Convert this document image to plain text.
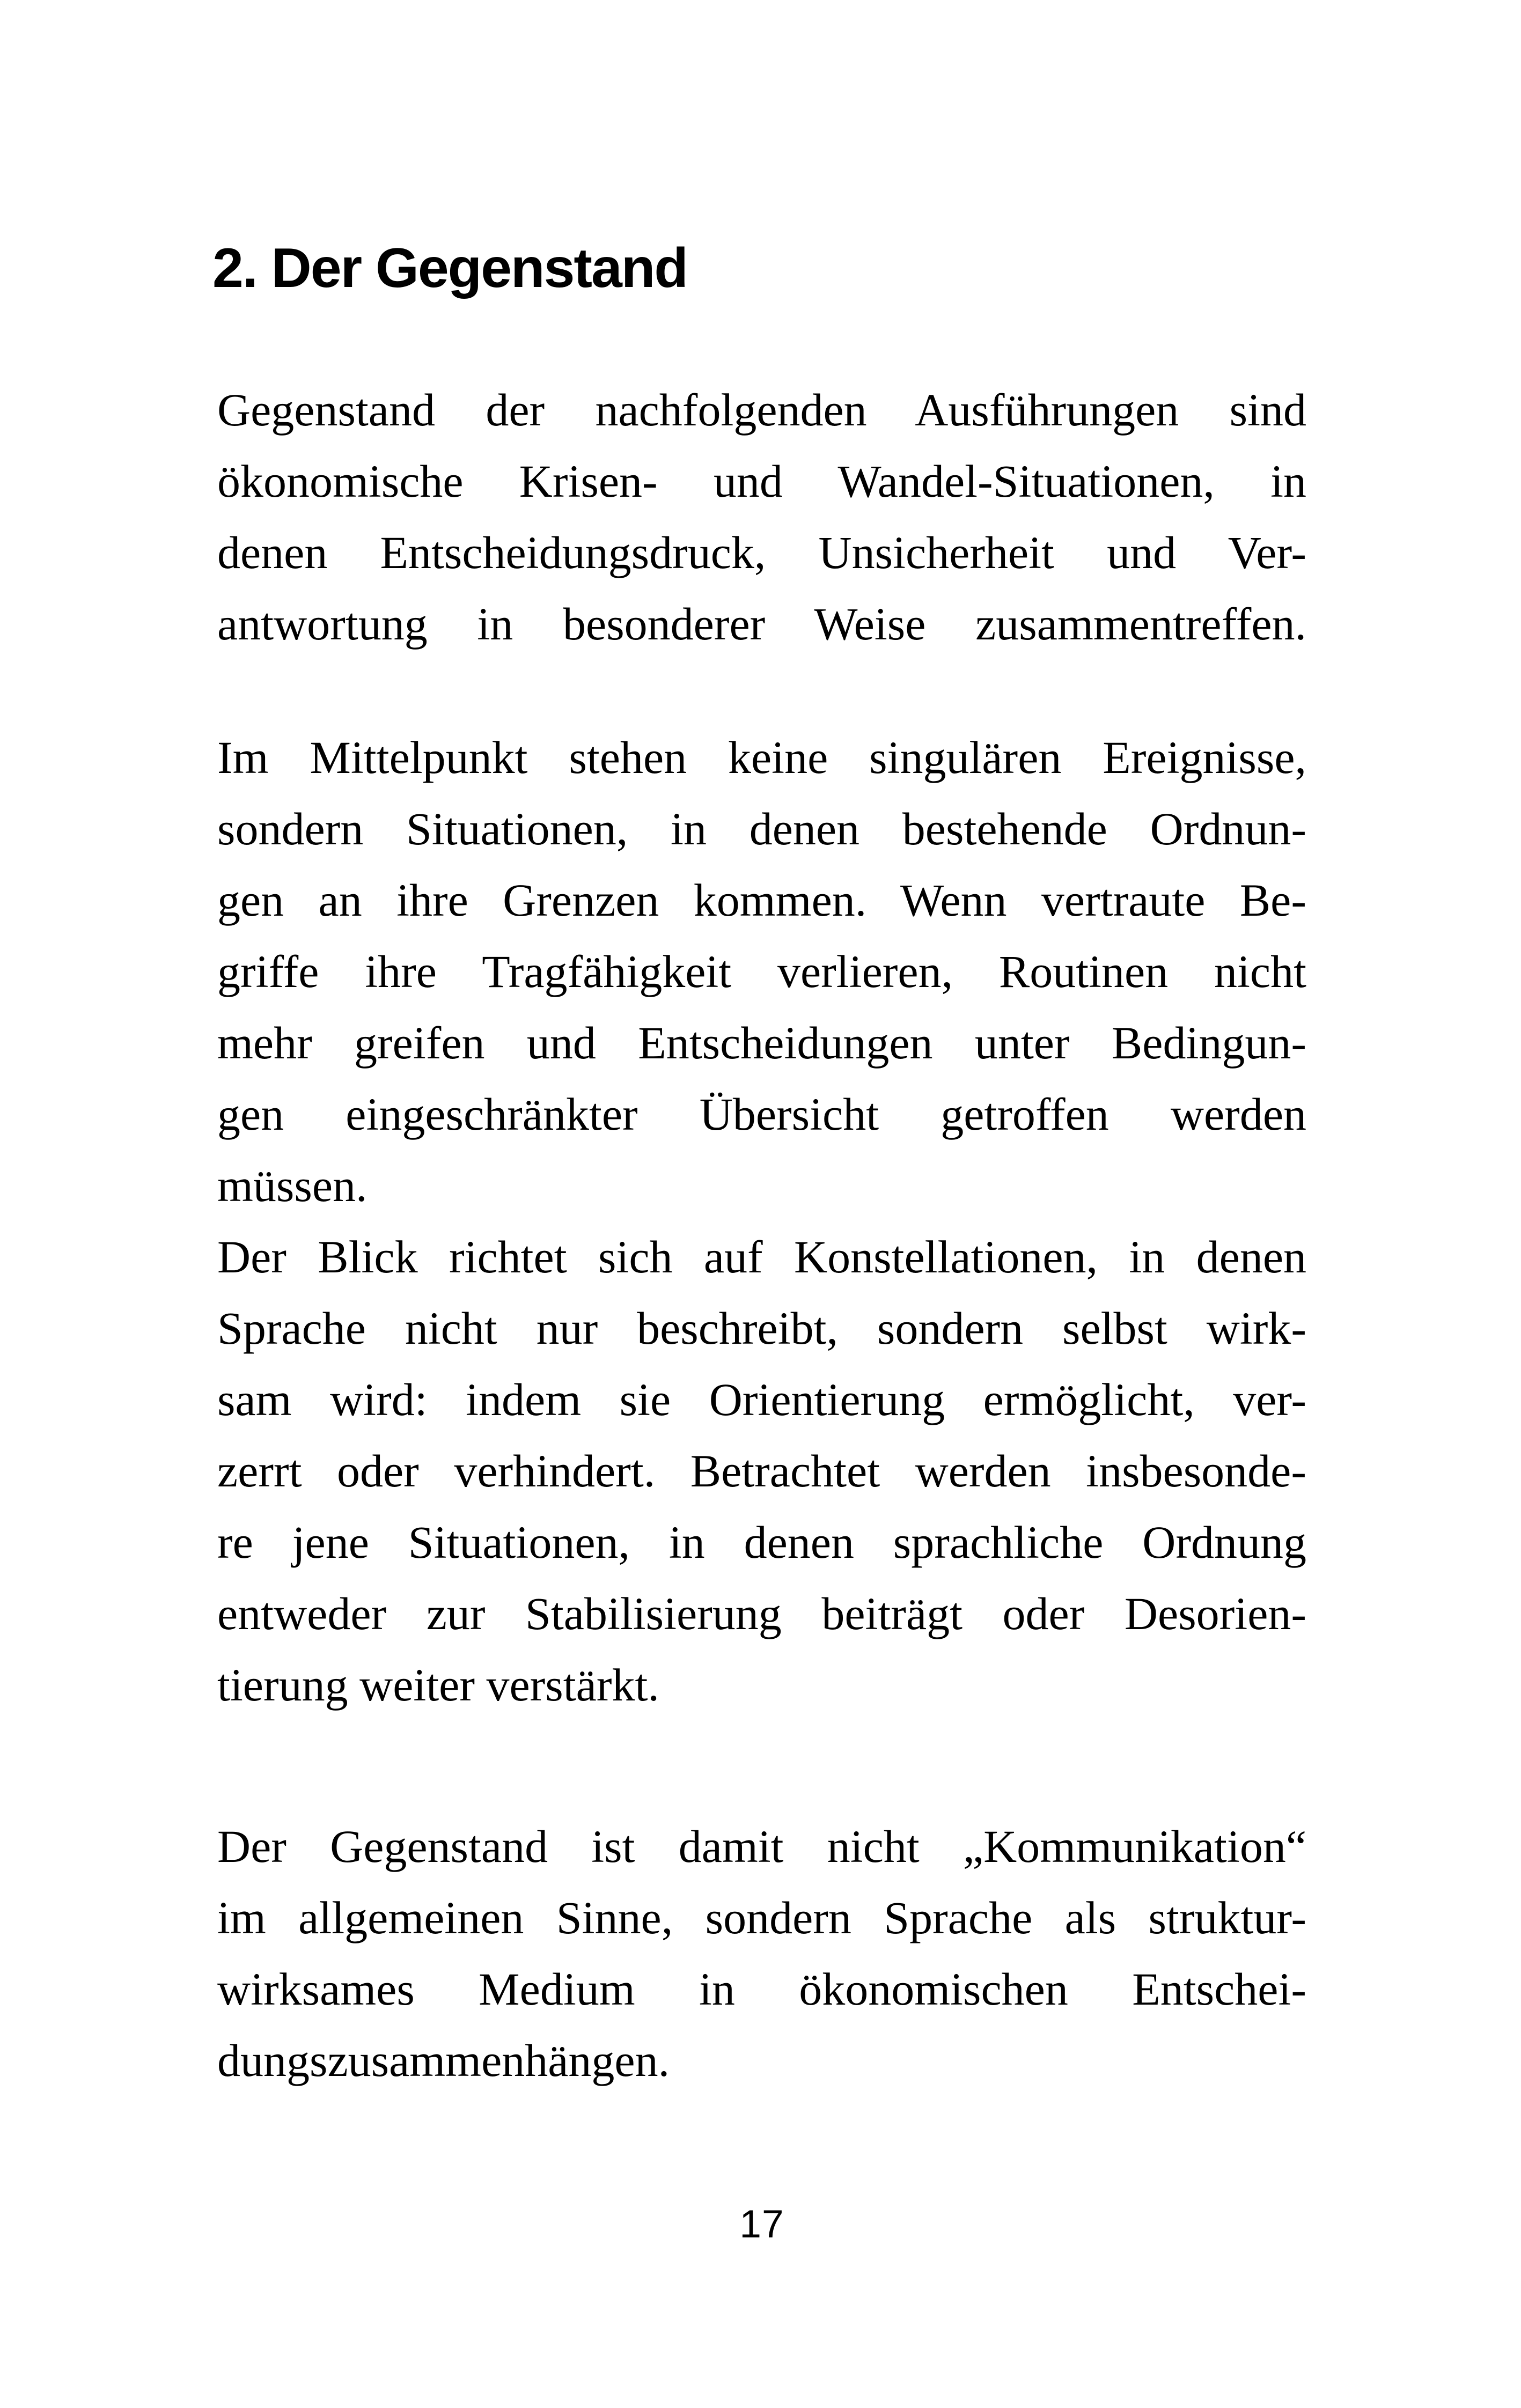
2. Der Gegenstand
Gegenstand der nachfolgenden Ausführungen sind
ökonomische Krisen- und Wandel-Situationen, in
denen Entscheidungsdruck, Unsicherheit und Ver-
antwortung in besonderer Weise zusammentreffen.
Im Mittelpunkt stehen keine singulären Ereignisse,
sondern Situationen, in denen bestehende Ordnun-
gen an ihre Grenzen kommen. Wenn vertraute Be-
griffe ihre Tragfähigkeit verlieren, Routinen nicht
mehr greifen und Entscheidungen unter Bedingun-
gen eingeschränkter Übersicht getroffen werden
müssen.
Der Blick richtet sich auf Konstellationen, in denen
Sprache nicht nur beschreibt, sondern selbst wirk-
sam wird: indem sie Orientierung ermöglicht, ver-
zerrt oder verhindert. Betrachtet werden insbesonde-
re jene Situationen, in denen sprachliche Ordnung
entweder zur Stabilisierung beiträgt oder Desorien-
tierung weiter verstärkt.
Der Gegenstand ist damit nicht „Kommunikation“
im allgemeinen Sinne, sondern Sprache als struktur-
wirksames Medium in ökonomischen Entschei-
dungszusammenhängen.
17
